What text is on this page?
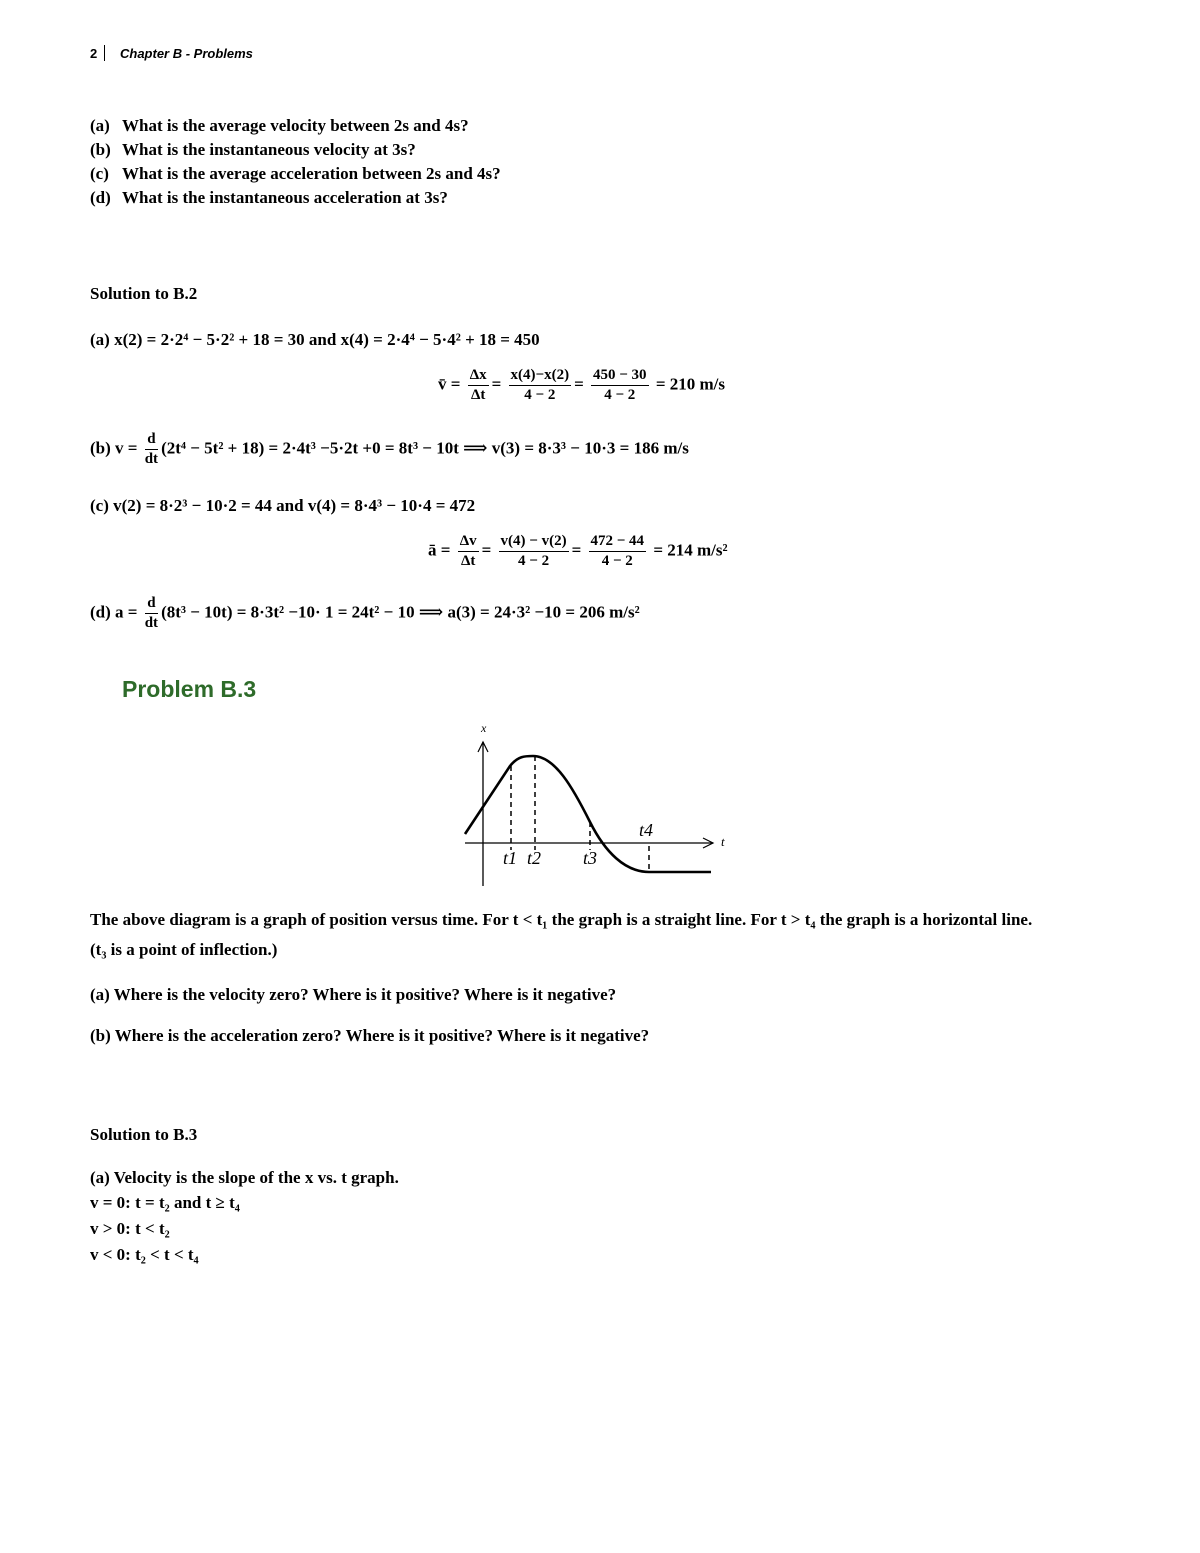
2 Chapter B - Problems
(a) What is the average velocity between 2s and 4s?
(b) What is the instantaneous velocity at 3s?
(c) What is the average acceleration between 2s and 4s?
(d) What is the instantaneous acceleration at 3s?
Solution to B.2
(a) x(2) = 2·2⁴ − 5·2² + 18 = 30 and x(4) = 2·4⁴ − 5·4² + 18 = 450
v̄ = $\frac{\Delta x}{\Delta t} = \frac{x(4)-x(2)}{4 - 2} = \frac{450 - 30}{4 - 2} = 210$ m/s
(b) $v = \frac{d}{dt} (2t^4 - 5t^2 + 18) = 2\cdot 4t^3 -5\cdot 2t +0 = 8t^3 - 10t$ ⟹ v(3) = 8·3³ − 10·3 = 186 m/s
(c) v(2) = 8·2³ − 10·2 = 44 and v(4) = 8·4³ − 10·4 = 472
ā = $\frac{\Delta v}{\Delta t} = \frac{v(4) - v(2)}{4 - 2} = \frac{472 - 44}{4 - 2} = 214$ m/s²
(d) $a = \frac{d}{dt} (8t^3 - 10t) = 8\cdot 3t^2 -10\cdot 1 = 24t^2 - 10$ ⟹ a(3) = 24·3² −10 = 206 m/s²
Problem B.3
x
t
t1 t2 t3
t4
The above diagram is a graph of position versus time. For t < t₁ the graph is a straight line. For t > t₄ the graph is a horizontal line.
(t₃ is a point of inflection.)
(a) Where is the velocity zero? Where is it positive? Where is it negative?
(b) Where is the acceleration zero? Where is it positive? Where is it negative?
Solution to B.3
(a) Velocity is the slope of the x vs. t graph.
v = 0: t = t₂ and t ≥ t₄
v > 0: t < t₂
v < 0: t₂ < t < t₄
